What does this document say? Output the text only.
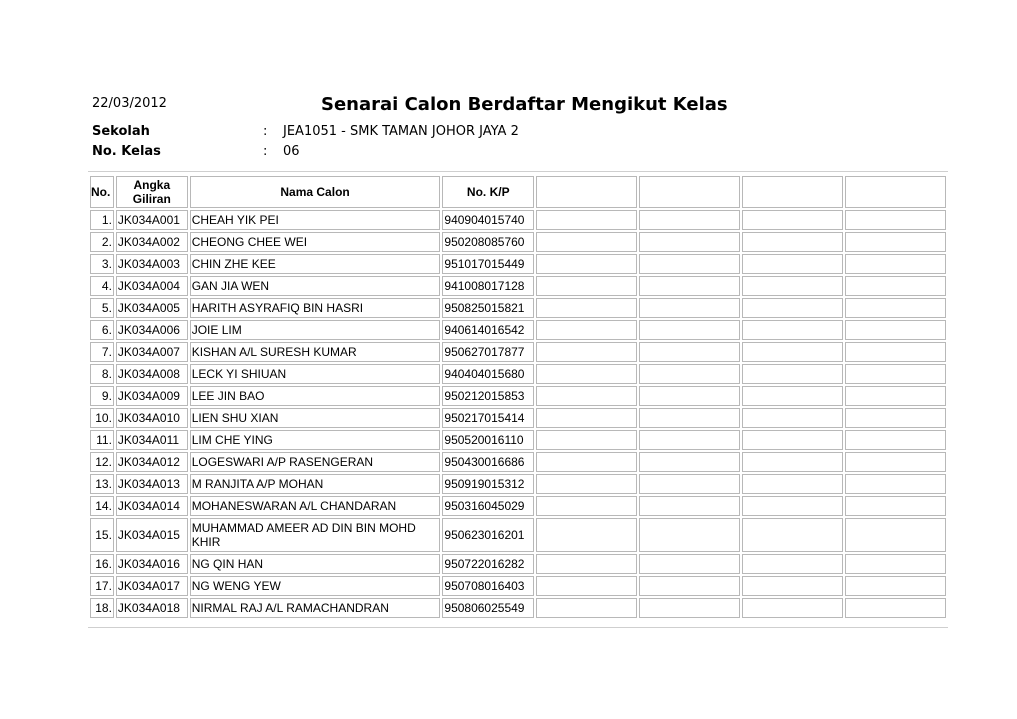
22/03/2012	Senarai Calon Berdaftar Mengikut Kelas
Sekolah	: JEA1051 - SMK TAMAN JOHOR JAYA 2
No. Kelas	: 06
No.	Angka Giliran	Nama Calon	No. K/P				
1.	JK034A001	CHEAH YIK PEI	940904015740				
2.	JK034A002	CHEONG CHEE WEI	950208085760				
3.	JK034A003	CHIN ZHE KEE	951017015449				
4.	JK034A004	GAN JIA WEN	941008017128				
5.	JK034A005	HARITH ASYRAFIQ BIN HASRI	950825015821				
6.	JK034A006	JOIE LIM	940614016542				
7.	JK034A007	KISHAN A/L SURESH KUMAR	950627017877				
8.	JK034A008	LECK YI SHIUAN	940404015680				
9.	JK034A009	LEE JIN BAO	950212015853				
10.	JK034A010	LIEN SHU XIAN	950217015414				
11.	JK034A011	LIM CHE YING	950520016110				
12.	JK034A012	LOGESWARI A/P RASENGERAN	950430016686				
13.	JK034A013	M RANJITA A/P MOHAN	950919015312				
14.	JK034A014	MOHANESWARAN A/L CHANDARAN	950316045029				
15.	JK034A015	MUHAMMAD AMEER AD DIN BIN MOHD KHIR	950623016201				
16.	JK034A016	NG QIN HAN	950722016282				
17.	JK034A017	NG WENG YEW	950708016403				
18.	JK034A018	NIRMAL RAJ A/L RAMACHANDRAN	950806025549				
